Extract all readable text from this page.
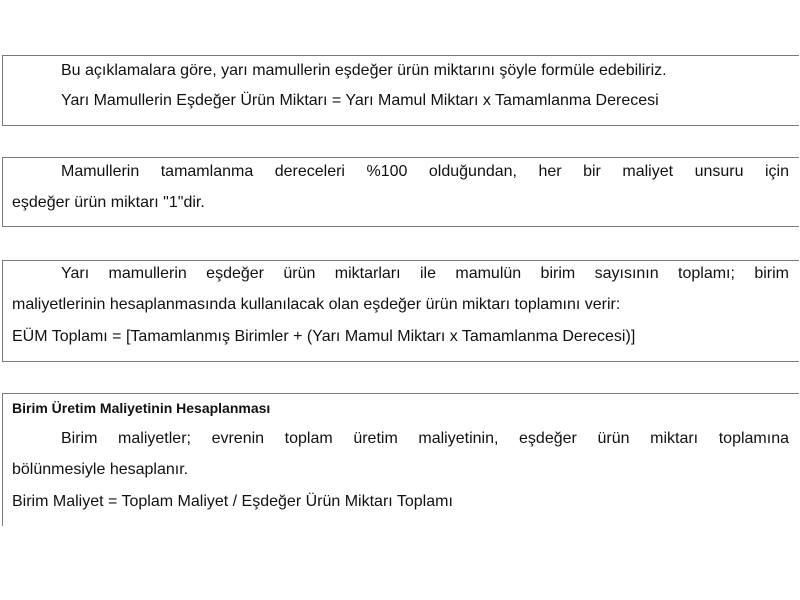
Bu açıklamalara göre, yarı mamullerin eşdeğer ürün miktarını şöyle formüle edebiliriz.
Yarı Mamullerin Eşdeğer Ürün Miktarı = Yarı Mamul Miktarı x Tamamlanma Derecesi
Mamullerin tamamlanma dereceleri %100 olduğundan, her bir maliyet unsuru için
eşdeğer ürün miktarı "1"dir.
Yarı mamullerin eşdeğer ürün miktarları ile mamulün birim sayısının toplamı; birim
maliyetlerinin hesaplanmasında kullanılacak olan eşdeğer ürün miktarı toplamını verir:
EÜM Toplamı = [Tamamlanmış Birimler + (Yarı Mamul Miktarı x Tamamlanma Derecesi)]
Birim Üretim Maliyetinin Hesaplanması
Birim maliyetler; evrenin toplam üretim maliyetinin, eşdeğer ürün miktarı toplamına
bölünmesiyle hesaplanır.
Birim Maliyet = Toplam Maliyet / Eşdeğer Ürün Miktarı Toplamı
